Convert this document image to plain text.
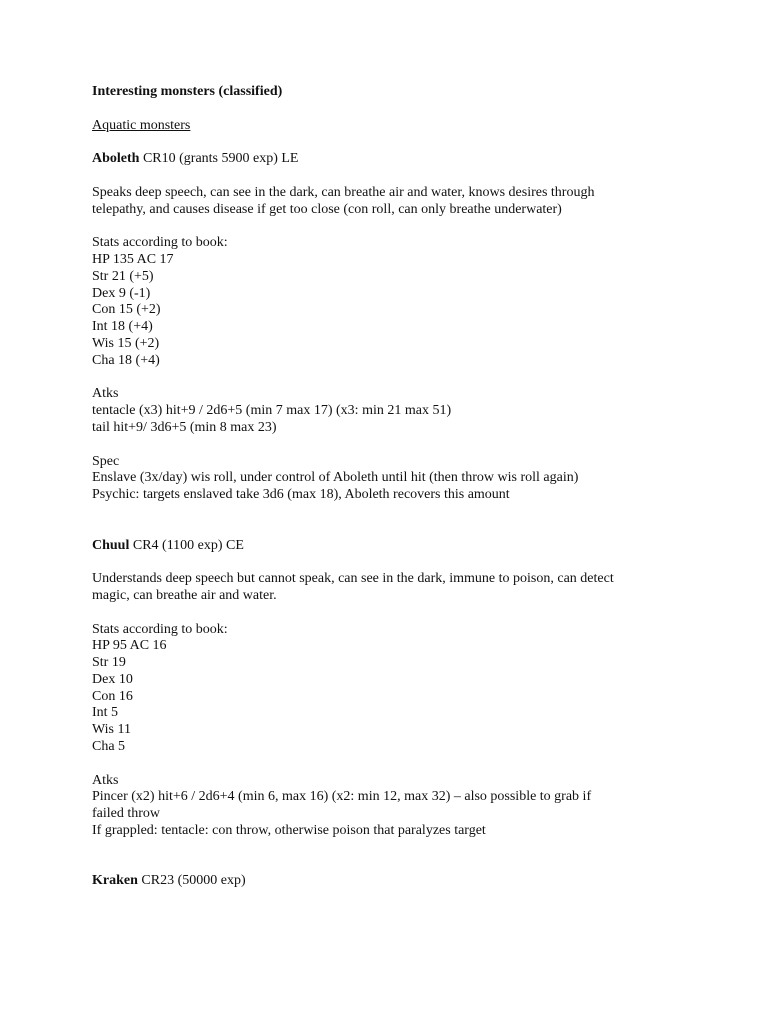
Interesting monsters (classified)
Aquatic monsters
Aboleth CR10 (grants 5900 exp) LE
Speaks deep speech, can see in the dark, can breathe air and water, knows desires through
telepathy, and causes disease if get too close (con roll, can only breathe underwater)
Stats according to book:
HP 135 AC 17
Str 21 (+5)
Dex 9 (-1)
Con 15 (+2)
Int 18 (+4)
Wis 15 (+2)
Cha 18 (+4)
Atks
tentacle (x3) hit+9 / 2d6+5 (min 7 max 17) (x3: min 21 max 51)
tail hit+9/ 3d6+5 (min 8 max 23)
Spec
Enslave (3x/day) wis roll, under control of Aboleth until hit (then throw wis roll again)
Psychic: targets enslaved take 3d6 (max 18), Aboleth recovers this amount
Chuul CR4 (1100 exp) CE
Understands deep speech but cannot speak, can see in the dark, immune to poison, can detect
magic, can breathe air and water.
Stats according to book:
HP 95 AC 16
Str 19
Dex 10
Con 16
Int 5
Wis 11
Cha 5
Atks
Pincer (x2) hit+6 / 2d6+4 (min 6, max 16) (x2: min 12, max 32) – also possible to grab if
failed throw
If grappled: tentacle: con throw, otherwise poison that paralyzes target
Kraken CR23 (50000 exp)
